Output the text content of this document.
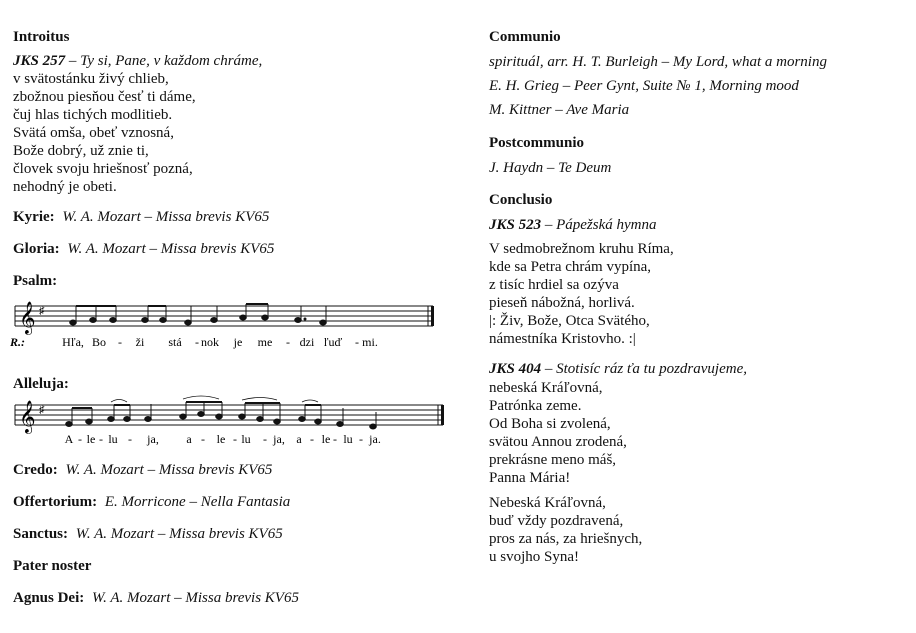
Introitus
JKS 257 – Ty si, Pane, v každom chráme,
v svätostánku živý chlieb,
zbožnou piesňou česť ti dáme,
čuj hlas tichých modlitieb.
Svätá omša, obeť vznosná,
Bože dobrý, už znie ti,
človek svoju hriešnosť pozná,
nehodný je obeti.
Kyrie: W. A. Mozart – Missa brevis KV65
Gloria: W. A. Mozart – Missa brevis KV65
Psalm:
𝄞 ♯
R.:	Hľa, Bo - ži stá - nok je me - dzi ľuď - mi.
Alleluja:
𝄞 ♯
A - le - lu - ja, a - le - lu - ja, a - le - lu - ja.
Credo: W. A. Mozart – Missa brevis KV65
Offertorium: E. Morricone – Nella Fantasia
Sanctus: W. A. Mozart – Missa brevis KV65
Pater noster
Agnus Dei: W. A. Mozart – Missa brevis KV65
Communio
spirituál, arr. H. T. Burleigh – My Lord, what a morning
E. H. Grieg – Peer Gynt, Suite № 1, Morning mood
M. Kittner – Ave Maria
Postcommunio
J. Haydn – Te Deum
Conclusio
JKS 523 – Pápežská hymna
V sedmobrežnom kruhu Ríma,
kde sa Petra chrám vypína,
z tisíc hrdiel sa ozýva
pieseň nábožná, horlivá.
|: Živ, Bože, Otca Svätého,
námestníka Kristovho. :|
JKS 404 – Stotisíc ráz ťa tu pozdravujeme,
nebeská Kráľovná,
Patrónka zeme.
Od Boha si zvolená,
svätou Annou zrodená,
prekrásne meno máš,
Panna Mária!
Nebeská Kráľovná,
buď vždy pozdravená,
pros za nás, za hriešnych,
u svojho Syna!
